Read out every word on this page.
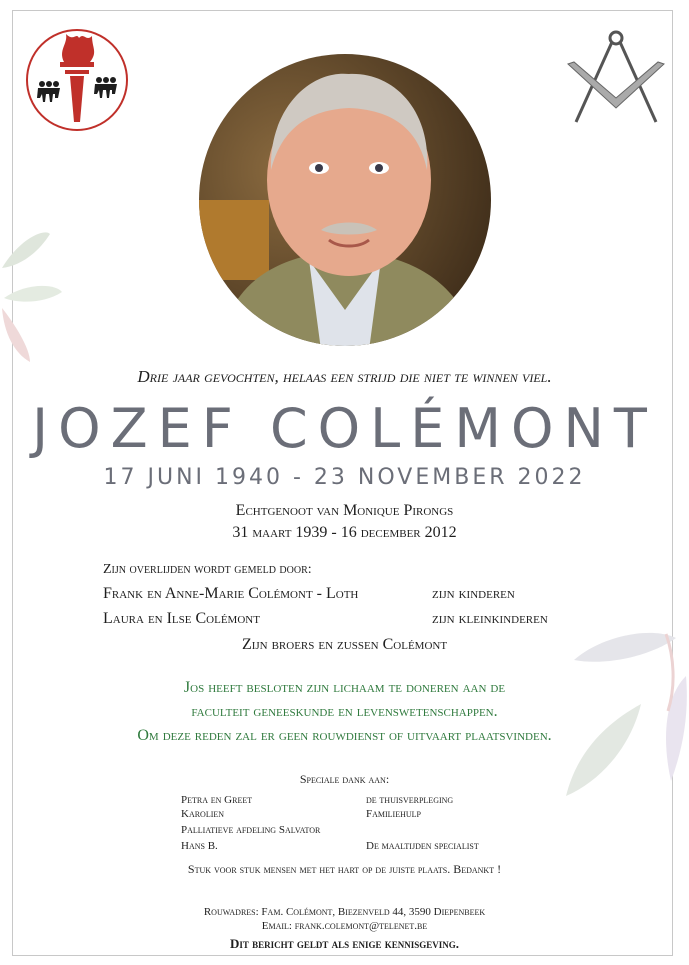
Drie jaar gevochten, helaas een strijd die niet te winnen viel.
JOZEF COLÉMONT
17 JUNI 1940 - 23 NOVEMBER 2022
Echtgenoot van Monique Pirongs
31 maart 1939 - 16 december 2012
Zijn overlijden wordt gemeld door:
Frank en Anne-Marie Colémont - Loth	zijn kinderen
Laura en Ilse Colémont	zijn kleinkinderen
Zijn broers en zussen Colémont
Jos heeft besloten zijn lichaam te doneren aan de
faculteit geneeskunde en levenswetenschappen.
Om deze reden zal er geen rouwdienst of uitvaart plaatsvinden.
Speciale dank aan:
Petra en Greet
Karolien
Palliatieve afdeling Salvator
Hans B.
de thuisverpleging
Familiehulp
De maaltijden specialist
Stuk voor stuk mensen met het hart op de juiste plaats. Bedankt !
Rouwadres: Fam. Colémont, Biezenveld 44, 3590 Diepenbeek
Email: frank.colemont@telenet.be
Dit bericht geldt als enige kennisgeving.
